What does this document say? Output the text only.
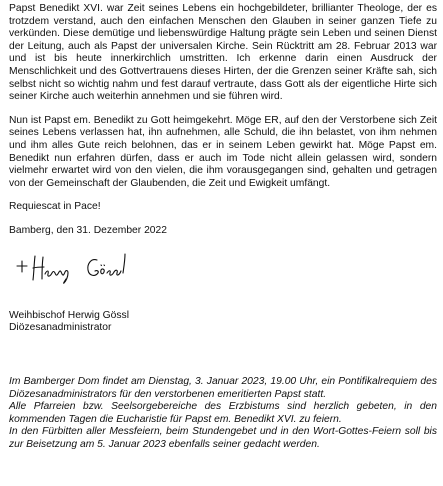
Papst Benedikt XVI. war Zeit seines Lebens ein hochgebildeter, brillianter Theologe, der es trotzdem verstand, auch den einfachen Menschen den Glauben in seiner ganzen Tiefe zu verkünden. Diese demütige und liebenswürdige Haltung prägte sein Leben und seinen Dienst der Leitung, auch als Papst der universalen Kirche. Sein Rücktritt am 28. Februar 2013 war und ist bis heute innerkirchlich umstritten. Ich erkenne darin einen Ausdruck der Menschlichkeit und des Gottvertrauens dieses Hirten, der die Grenzen seiner Kräfte sah, sich selbst nicht so wichtig nahm und fest darauf vertraute, dass Gott als der eigentliche Hirte sich seiner Kirche auch weiterhin annehmen und sie führen wird.

Nun ist Papst em. Benedikt zu Gott heimgekehrt. Möge ER, auf den der Verstorbene sich Zeit seines Lebens verlassen hat, ihn aufnehmen, alle Schuld, die ihn belastet, von ihm nehmen und ihm alles Gute reich belohnen, das er in seinem Leben gewirkt hat. Möge Papst em. Benedikt nun erfahren dürfen, dass er auch im Tode nicht allein gelassen wird, sondern vielmehr erwartet wird von den vielen, die ihm vorausgegangen sind, gehalten und getragen von der Gemeinschaft der Glaubenden, die Zeit und Ewigkeit umfängt.

Requiescat in Pace!

Bamberg, den 31. Dezember 2022

Weihbischof Herwig Gössl

Diözesanadministrator

Im Bamberger Dom findet am Dienstag, 3. Januar 2023, 19.00 Uhr, ein Pontifikalrequiem des Diözesanadministrators für den verstorbenen emeritierten Papst statt.

Alle Pfarreien bzw. Seelsorgebereiche des Erzbistums sind herzlich gebeten, in den kommenden Tagen die Eucharistie für Papst em. Benedikt XVI. zu feiern.

In den Fürbitten aller Messfeiern, beim Stundengebet und in den Wort-Gottes-Feiern soll bis zur Beisetzung am 5. Januar 2023 ebenfalls seiner gedacht werden.
